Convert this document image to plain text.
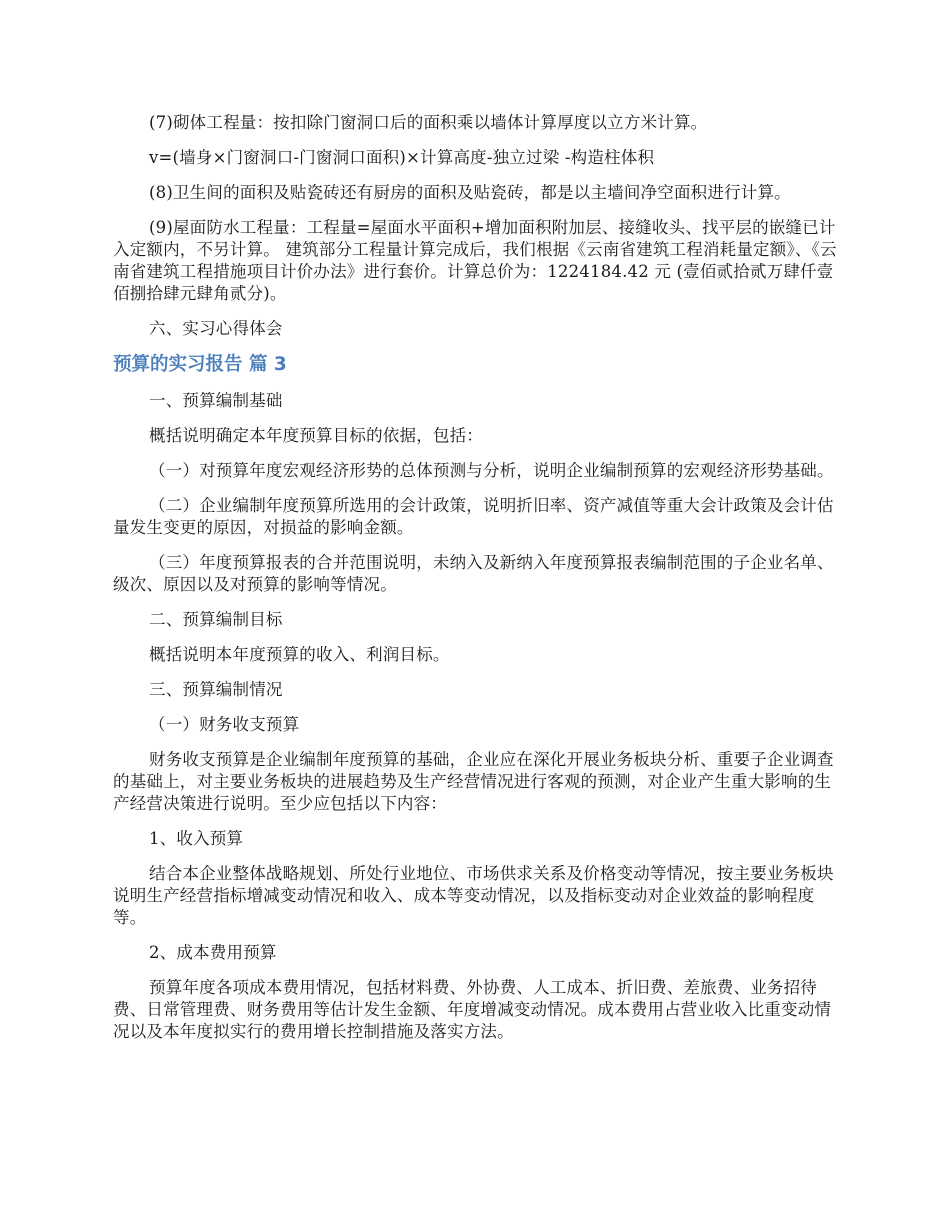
(7)砌体工程量：按扣除门窗洞口后的面积乘以墙体计算厚度以立方米计算。

v=(墙身×门窗洞口-门窗洞口面积)×计算高度-独立过梁 -构造柱体积

(8)卫生间的面积及贴瓷砖还有厨房的面积及贴瓷砖，都是以主墙间净空面积进行计算。

(9)屋面防水工程量：工程量=屋面水平面积+增加面积附加层、接缝收头、找平层的嵌缝已计入定额内，不另计算。 建筑部分工程量计算完成后，我们根据《云南省建筑工程消耗量定额》、《云南省建筑工程措施项目计价办法》进行套价。计算总价为：1224184.42 元 (壹佰贰拾贰万肆仟壹佰捌拾肆元肆角贰分)。

六、实习心得体会

预算的实习报告 篇 3

一、预算编制基础

概括说明确定本年度预算目标的依据，包括：

（一）对预算年度宏观经济形势的总体预测与分析，说明企业编制预算的宏观经济形势基础。

（二）企业编制年度预算所选用的会计政策，说明折旧率、资产减值等重大会计政策及会计估量发生变更的原因，对损益的影响金额。

（三）年度预算报表的合并范围说明，未纳入及新纳入年度预算报表编制范围的子企业名单、级次、原因以及对预算的影响等情况。

二、预算编制目标

概括说明本年度预算的收入、利润目标。

三、预算编制情况

（一）财务收支预算

财务收支预算是企业编制年度预算的基础，企业应在深化开展业务板块分析、重要子企业调查的基础上，对主要业务板块的进展趋势及生产经营情况进行客观的预测，对企业产生重大影响的生产经营决策进行说明。至少应包括以下内容：

1、收入预算

结合本企业整体战略规划、所处行业地位、市场供求关系及价格变动等情况，按主要业务板块说明生产经营指标增减变动情况和收入、成本等变动情况，以及指标变动对企业效益的影响程度等。

2、成本费用预算

预算年度各项成本费用情况，包括材料费、外协费、人工成本、折旧费、差旅费、业务招待费、日常管理费、财务费用等估计发生金额、年度增减变动情况。成本费用占营业收入比重变动情况以及本年度拟实行的费用增长控制措施及落实方法。
